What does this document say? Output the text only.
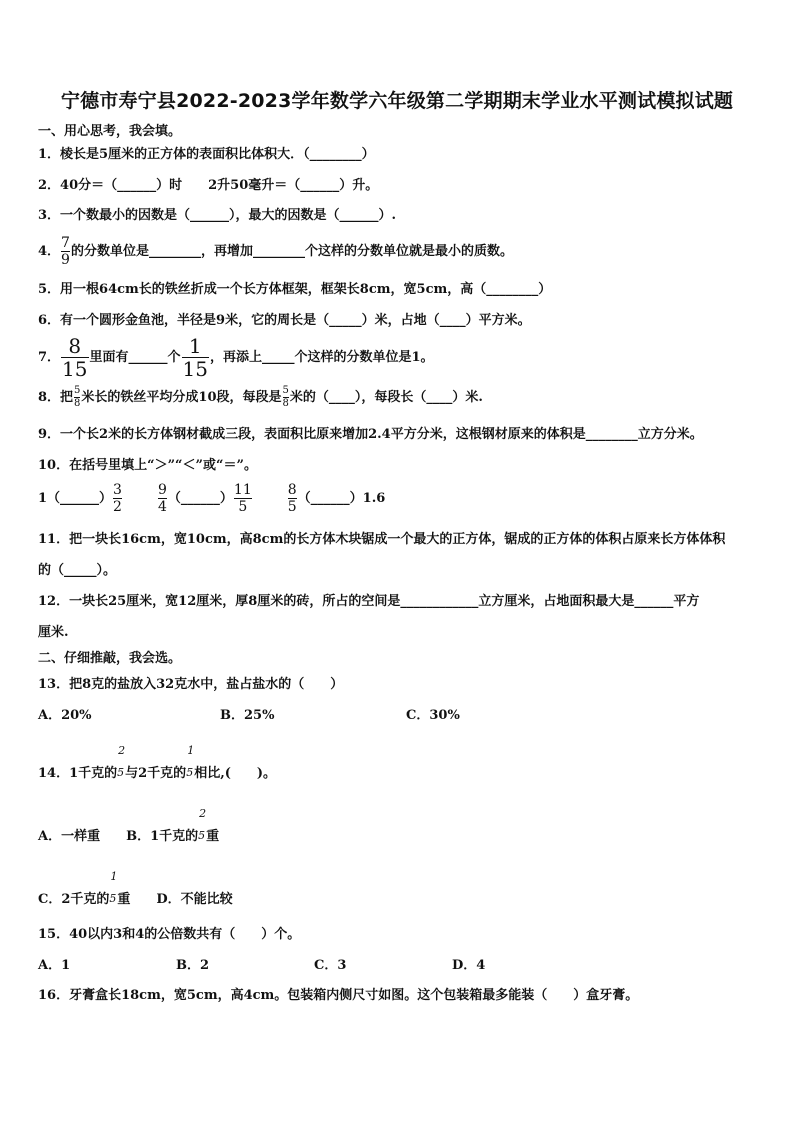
宁德市寿宁县2022-2023学年数学六年级第二学期期末学业水平测试模拟试题
一、用心思考，我会填。
1．棱长是5厘米的正方体的表面积比体积大．（________）
2．40分＝（______）时　　2升50毫升＝（______）升。
3．一个数最小的因数是（______），最大的因数是（______）.
4． $\frac{7}{9}$ 的分数单位是________，再增加________个这样的分数单位就是最小的质数。
5．用一根64cm长的铁丝折成一个长方体框架，框架长8cm，宽5cm，高（________）
6．有一个圆形金鱼池，半径是9米，它的周长是（_____）米，占地（____）平方米。
7． $\frac{8}{15}$ 里面有______个 $\frac{1}{15}$ ，再添上_____个这样的分数单位是1。
8．把 $\frac{5}{8}$ 米长的铁丝平均分成10段，每段是 $\frac{5}{8}$ 米的（____），每段长（____）米.
9．一个长2米的长方体钢材截成三段，表面积比原来增加2.4平方分米，这根钢材原来的体积是________立方分米。
10．在括号里填上“＞”“＜”或“＝”。
1（______） $\frac{3}{2}$	$\frac{9}{4}$ （______） $\frac{11}{5}$	$\frac{8}{5}$ （______）1.6
11．把一块长16cm，宽10cm，高8cm的长方体木块锯成一个最大的正方体，锯成的正方体的体积占原来长方体体积
的（_____）。
12．一块长25厘米，宽12厘米，厚8厘米的砖，所占的空间是____________立方厘米，占地面积最大是______平方
厘米.
二、仔细推敲，我会选。
13．把8克的盐放入32克水中，盐占盐水的（　　）
A．20%	B．25%	C．30%
14．1千克的
2
5 与2千克的
1
5 相比,(　　)。
A．一样重　　B．1千克的
2
5 重
C．2千克的
1
5 重　　D．不能比较
15．40以内3和4的公倍数共有（　　）个。
A．1	B．2	C．3	D．4
16．牙膏盒长18cm，宽5cm，高4cm。包装箱内侧尺寸如图。这个包装箱最多能装（　　）盒牙膏。
